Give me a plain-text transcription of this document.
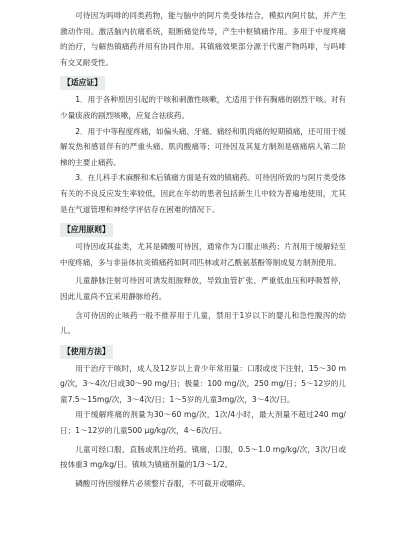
可待因为吗啡的同类药物，能与脑中的阿片类受体结合，模拟内阿片肽，并产生激动作用。激活脑内抗痛系统，阻断痛觉传导，产生中枢镇痛作用。多用于中度疼痛的治疗，与解热镇痛药并用有协同作用。其镇痛效果部分源于代谢产物吗啡，与吗啡有交叉耐受性。

【适应证】

1．用于各种原因引起的干咳和刺激性咳嗽，尤适用于伴有胸痛的剧烈干咳。对有少量痰液的剧烈咳嗽，应复合祛痰药。

2．用于中等程度疼痛，如偏头痛、牙痛、痛经和肌肉痛的短期镇痛，还可用于缓解发热和感冒伴有的严重头痛、肌肉酸痛等；可待因及其复方制剂是癌痛病人第二阶梯的主要止痛药。

3．在儿科手术麻醉和术后镇痛方面是有效的镇痛药。可待因所致的与阿片类受体有关的不良反应发生率较低，因此在年幼的患者包括新生儿中较为普遍地使用，尤其是在气道管理和神经学评估存在困难的情况下。

【应用原则】

可待因或其盐类，尤其是磷酸可待因，通常作为口服止咳药；片剂用于缓解轻至中度疼痛，多与非甾体抗炎镇痛药如阿司匹林或对乙酰氨基酚等制成复方制剂使用。

儿童静脉注射可待因可诱发组胺释放，导致血管扩张、严重低血压和呼吸暂停，因此儿童尚不宜采用静脉给药。

含可待因的止咳药一般不推荐用于儿童，禁用于1岁以下的婴儿和急性腹泻的幼儿。

【使用方法】

用于治疗干咳时，成人及12岁以上青少年常用量：口服或皮下注射，15～30 mg/次，3～4次/日或30～90 mg/日；极量：100 mg/次，250 mg/日；5～12岁的儿童7.5～15mg/次，3～4次/日；1～5岁的儿童3mg/次，3～4次/日。

用于缓解疼痛的剂量为30～60 mg/次，1次/4小时，最大剂量不超过240 mg/日；1～12岁的儿童500 μg/kg/次，4～6次/日。

儿童可经口服、直肠或肌注给药。镇痛，口服，0.5～1.0 mg/kg/次，3次/日或按体重3 mg/kg/日。镇咳为镇痛剂量的1/3～1/2。

磷酸可待因缓释片必须整片吞服，不可截开或嚼碎。
